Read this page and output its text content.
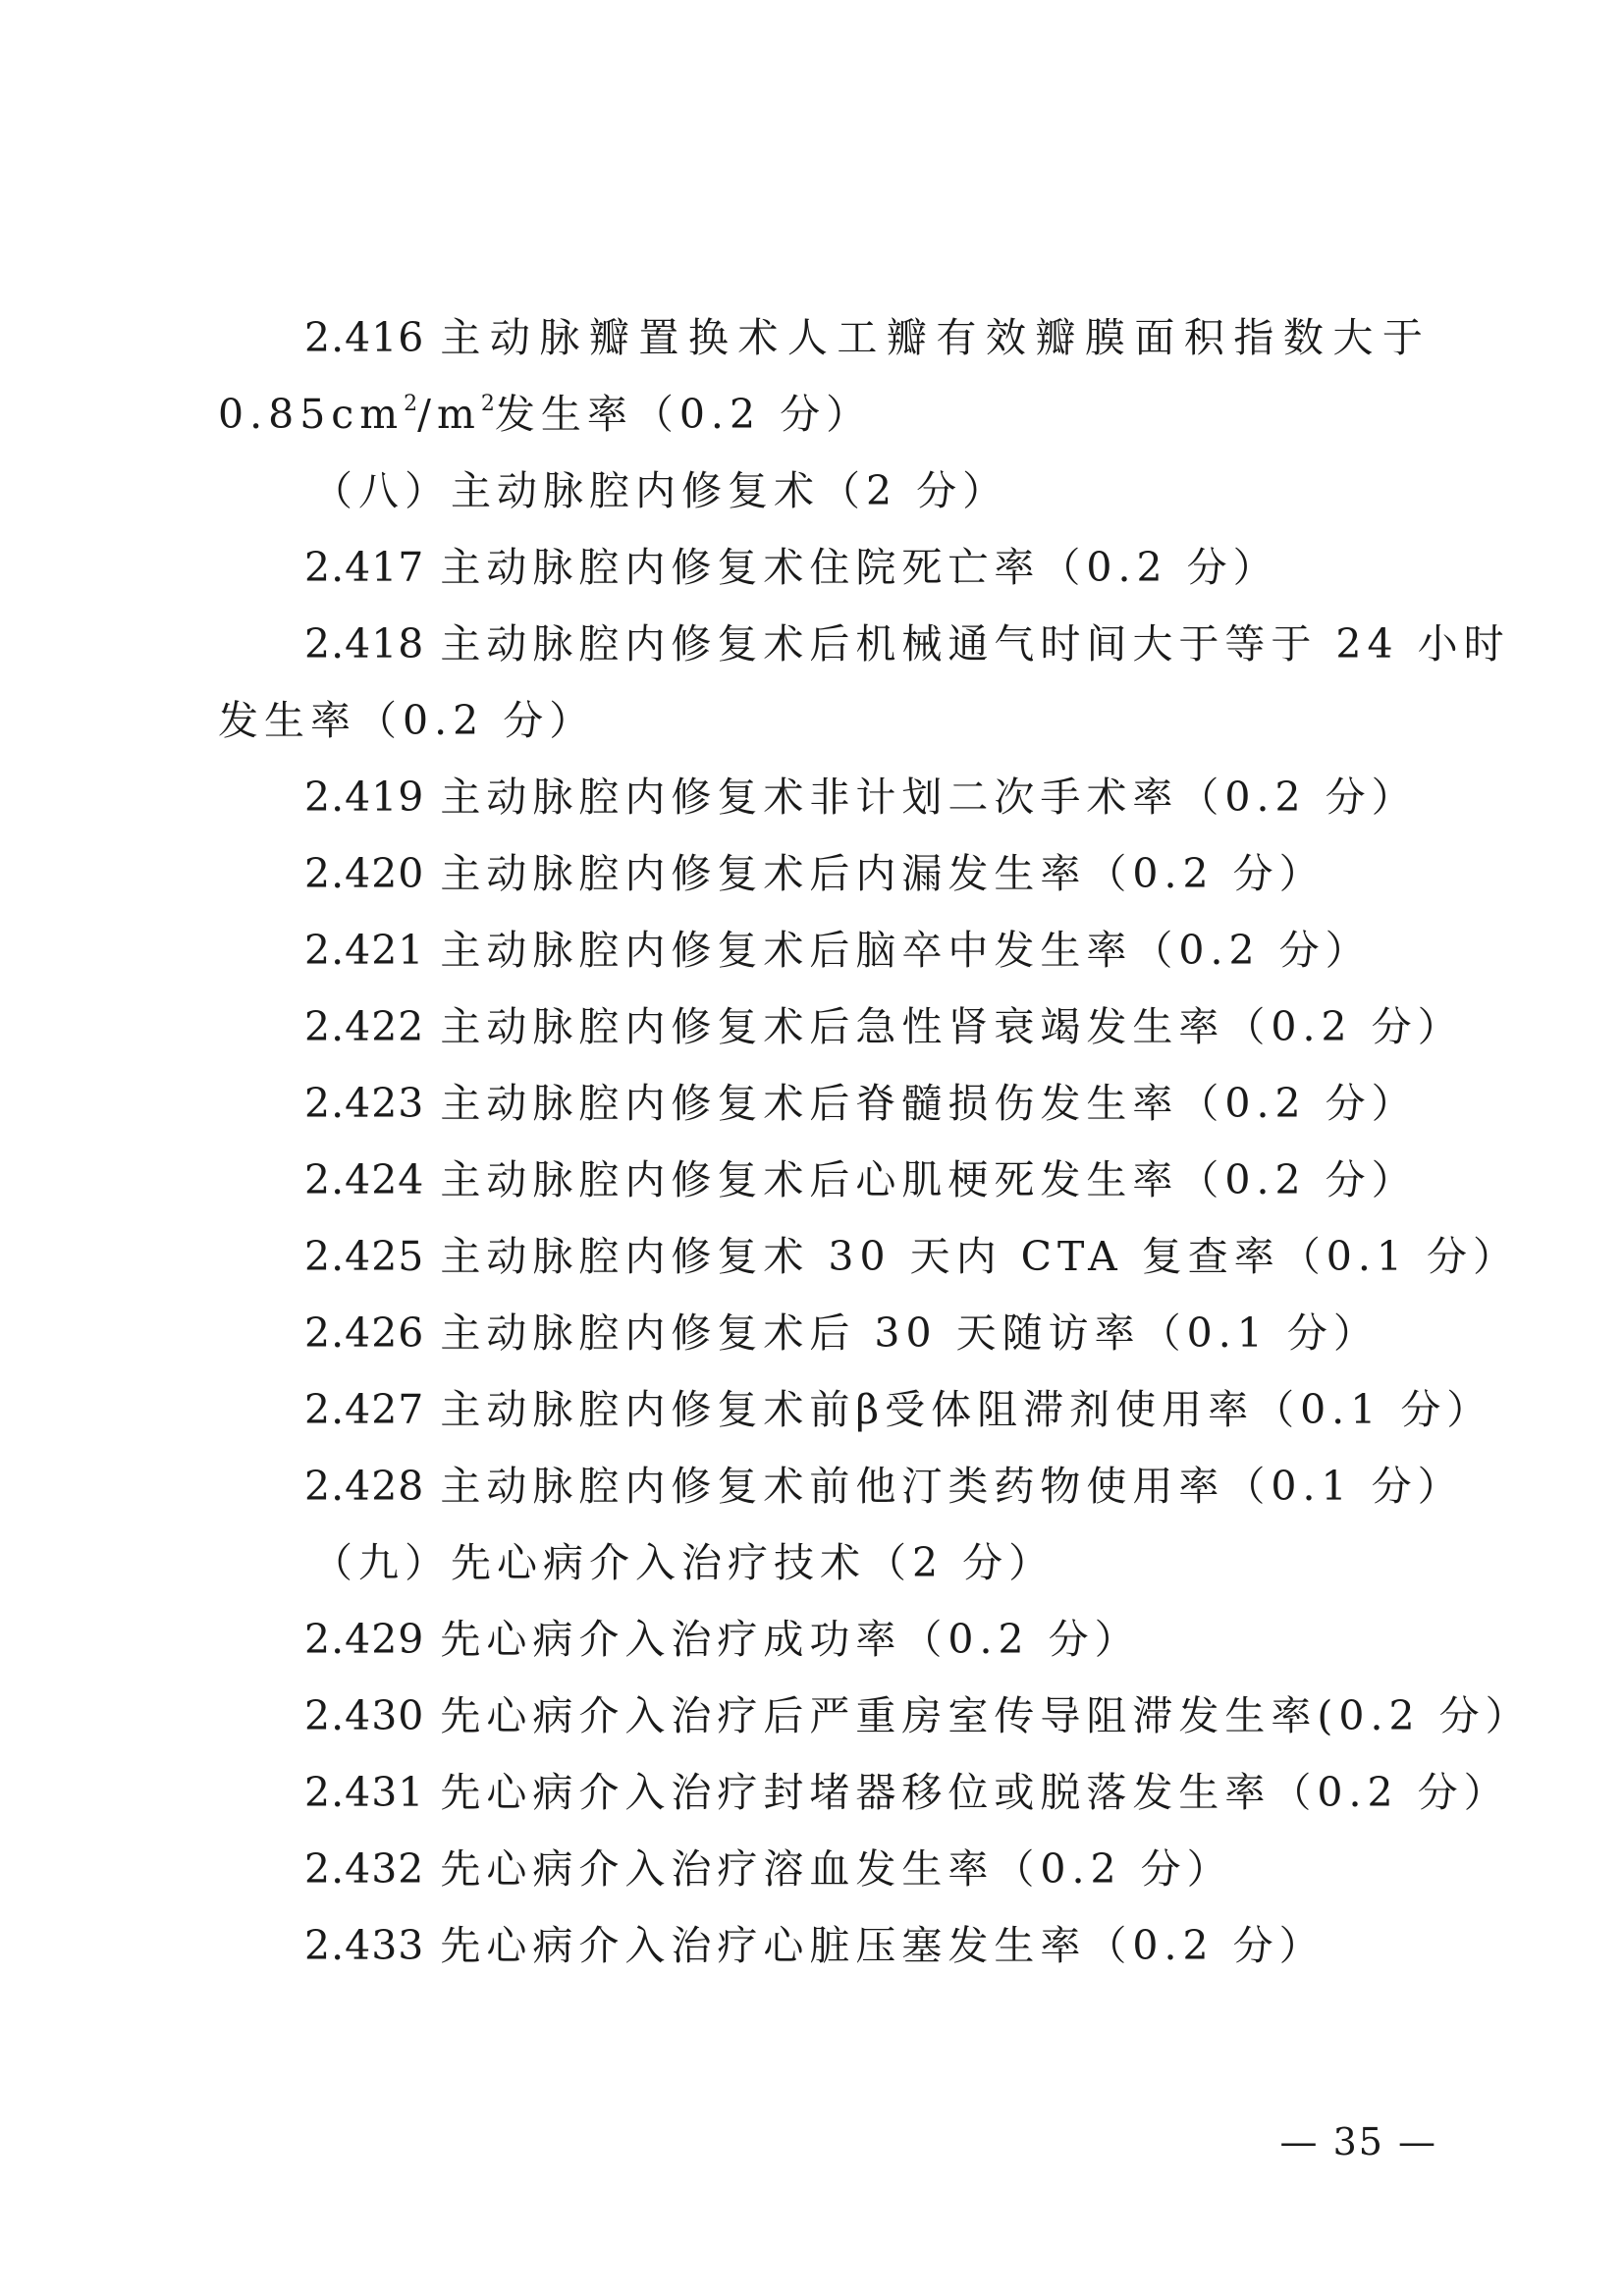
2.416 主动脉瓣置换术人工瓣有效瓣膜面积指数大于
$0.85cm^2/m^2$发生率（0.2 分）
（八）主动脉腔内修复术（2 分）
2.417 主动脉腔内修复术住院死亡率（0.2 分）
2.418 主动脉腔内修复术后机械通气时间大于等于 24 小时
发生率（0.2 分）
2.419 主动脉腔内修复术非计划二次手术率（0.2 分）
2.420 主动脉腔内修复术后内漏发生率（0.2 分）
2.421 主动脉腔内修复术后脑卒中发生率（0.2 分）
2.422 主动脉腔内修复术后急性肾衰竭发生率（0.2 分）
2.423 主动脉腔内修复术后脊髓损伤发生率（0.2 分）
2.424 主动脉腔内修复术后心肌梗死发生率（0.2 分）
2.425 主动脉腔内修复术 30 天内 CTA 复查率（0.1 分）
2.426 主动脉腔内修复术后 30 天随访率（0.1 分）
2.427 主动脉腔内修复术前β受体阻滞剂使用率（0.1 分）
2.428 主动脉腔内修复术前他汀类药物使用率（0.1 分）
（九）先心病介入治疗技术（2 分）
2.429 先心病介入治疗成功率（0.2 分）
2.430 先心病介入治疗后严重房室传导阻滞发生率(0.2 分）
2.431 先心病介入治疗封堵器移位或脱落发生率（0.2 分）
2.432 先心病介入治疗溶血发生率（0.2 分）
2.433 先心病介入治疗心脏压塞发生率（0.2 分）
— 35 —
